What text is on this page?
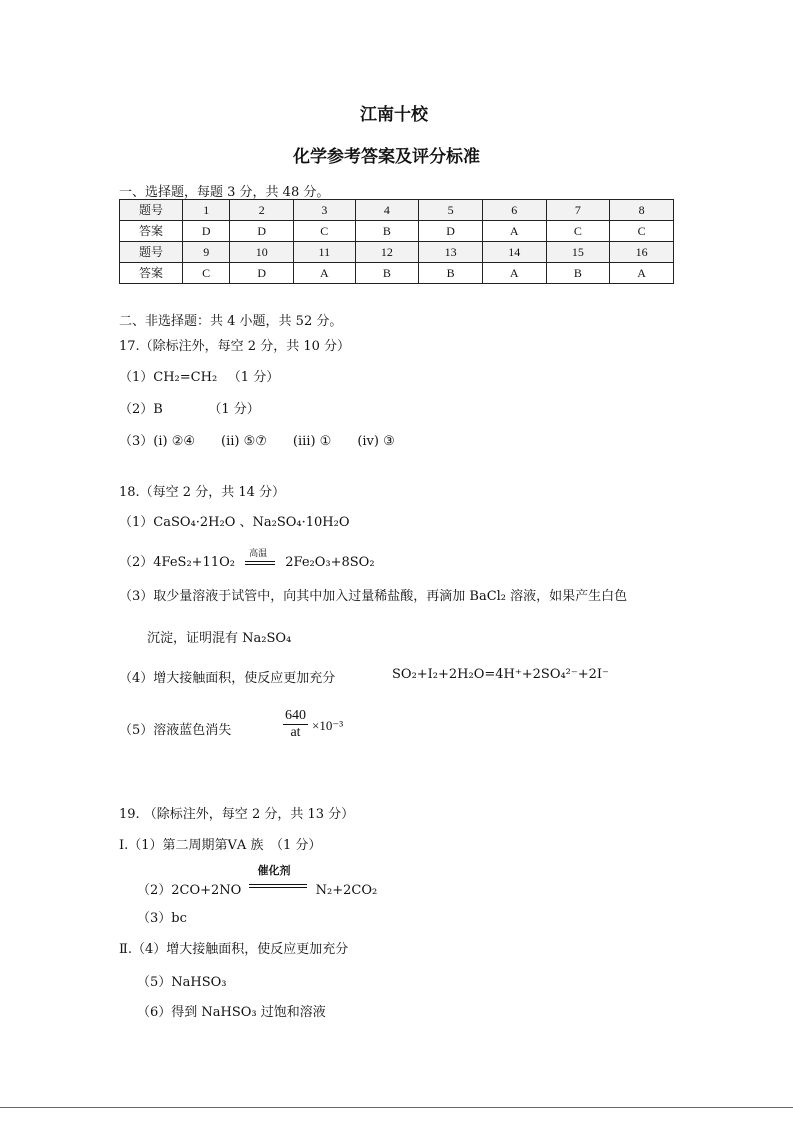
江南十校
化学参考答案及评分标准
一、选择题，每题 3 分，共 48 分。
题号	1	2	3	4	5	6	7	8
答案	D	D	C	B	D	A	C	C
题号	9	10	11	12	13	14	15	16
答案	C	D	A	B	B	A	B	A
二、非选择题：共 4 小题，共 52 分。
17.（除标注外，每空 2 分，共 10 分）
（1）CH₂=CH₂ 　（1 分）
（2）B　　　　（1 分）
（3）(ⅰ) ②④　　(ⅱ) ⑤⑦　　(ⅲ) ①　　(ⅳ) ③
18.（每空 2 分，共 14 分）
（1）CaSO₄·2H₂O 、Na₂SO₄·10H₂O
（2）4FeS₂+11O₂
高温
2Fe₂O₃+8SO₂
（3）取少量溶液于试管中，向其中加入过量稀盐酸，再滴加 BaCl₂ 溶液，如果产生白色
沉淀，证明混有 Na₂SO₄
（4）增大接触面积，使反应更加充分	SO₂+I₂+2H₂O=4H⁺+2SO₄²⁻+2I⁻
（5）溶液蓝色消失	$\frac{640}{at} \times 10^{-3}$
19. （除标注外，每空 2 分，共 13 分）
Ⅰ.（1）第二周期第ⅤA 族　（1 分）
（2）2CO+2NO
催化剂
N₂+2CO₂
（3）bc
Ⅱ.（4）增大接触面积，使反应更加充分
（5）NaHSO₃
（6）得到 NaHSO₃ 过饱和溶液
